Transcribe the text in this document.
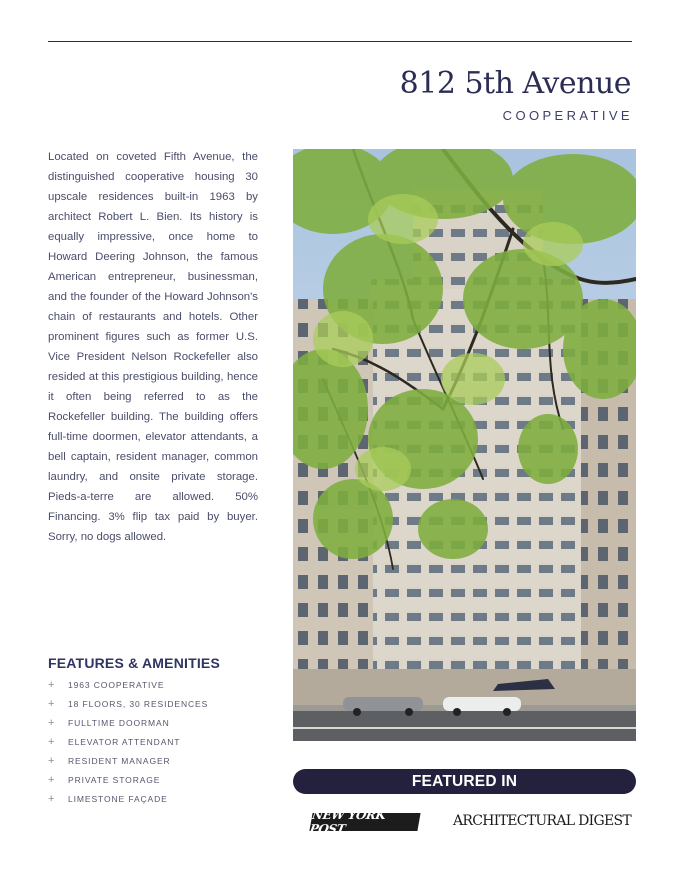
812 5th Avenue
COOPERATIVE

Located on coveted Fifth Avenue, the distinguished cooperative housing 30 upscale residences built-in 1963 by architect Robert L. Bien. Its history is equally impressive, once home to Howard Deering Johnson, the famous American entrepreneur, businessman, and the founder of the Howard Johnson's chain of restaurants and hotels. Other prominent figures such as former U.S. Vice President Nelson Rockefeller also resided at this prestigious building, hence it often being referred to as the Rockefeller building. The building offers full-time doormen, elevator attendants, a bell captain, resident manager, common laundry, and onsite private storage. Pieds-a-terre are allowed. 50% Financing. 3% flip tax paid by buyer. Sorry, no dogs allowed.

FEATURES & AMENITIES
+	1963 COOPERATIVE
+	18 FLOORS, 30 RESIDENCES
+	FULLTIME DOORMAN
+	ELEVATOR ATTENDANT
+	RESIDENT MANAGER
+	PRIVATE STORAGE
+	LIMESTONE FAÇADE
FEATURED IN
NEW YORK POST	ARCHITECTURAL DIGEST
